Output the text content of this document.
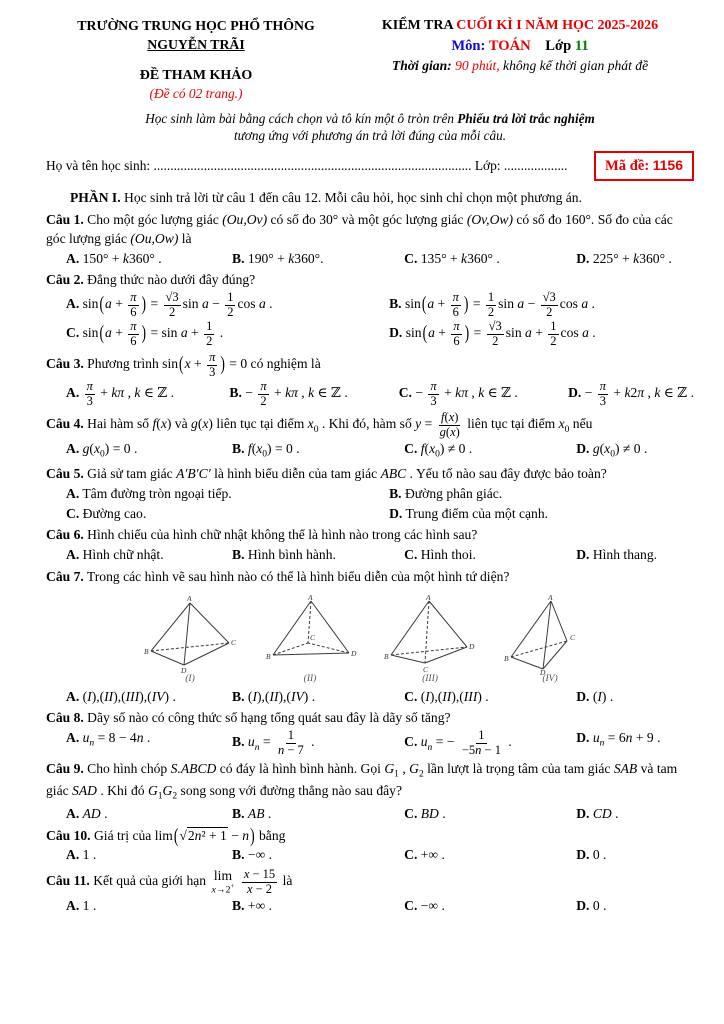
TRƯỜNG TRUNG HỌC PHỔ THÔNG
NGUYỄN TRÃI
ĐỀ THAM KHẢO
(Đề có 02 trang.)
KIỂM TRA CUỐI KÌ I NĂM HỌC 2025-2026
Môn: TOÁN Lớp 11
Thời gian: 90 phút, không kể thời gian phát đề
Học sinh làm bài bằng cách chọn và tô kín một ô tròn trên Phiếu trả lời trắc nghiệm
tương ứng với phương án trả lời đúng của mỗi câu.
Họ và tên học sinh: ............................................................................................... Lớp: ...................	Mã đề: 1156

PHẦN I. Học sinh trả lời từ câu 1 đến câu 12. Mỗi câu hỏi, học sinh chỉ chọn một phương án.

Câu 1. Cho một góc lượng giác (Ou,Ov) có số đo 30° và một góc lượng giác (Ov,Ow) có số đo 160°. Số đo của các góc lượng giác (Ou,Ow) là

A. 150° + k360° .	B. 190° + k360°.	C. 135° + k360° .	D. 225° + k360° .

Câu 2. Đẳng thức nào dưới đây đúng?

A. $\sin(a + \frac{\pi}{6}$ ) = $\frac{√3}{2}$ $\sin a - \frac{1}{2}$ cos a .	B. $\sin(a + \frac{\pi}{6}$ ) = $\frac{1}{2}$ $\sin a - \frac{√3}{2}$ cos a .
C. $\sin(a + \frac{\pi}{6}$ ) = $\sin a + \frac{1}{2}$ .	D. $\sin(a + \frac{\pi}{6}$ ) = $\frac{√3}{2}$ $\sin a + \frac{1}{2}$ cos a .

Câu 3. Phương trình $\sin(x + \frac{\pi}{3}$ ) = 0 có nghiệm là

A. $\frac{\pi}{3} + k\pi$ , k ∈ ℤ .	B. − $\frac{\pi}{2} + k\pi$ , k ∈ ℤ .	C. − $\frac{\pi}{3} + k\pi$ , k ∈ ℤ .	D. − $\frac{\pi}{3} + k2\pi$ , k ∈ ℤ .

Câu 4. Hai hàm số f(x) và g(x) liên tục tại điểm $x_0$ . Khi đó, hàm số $y = \frac{f(x)}{g(x)}$ liên tục tại điểm $x_0$ nếu

A. $g(x_0) = 0$ .	B. $f(x_0) = 0$ .	C. $f(x_0) \ne 0$ .	D. $g(x_0) \ne 0$ .

Câu 5. Giả sử tam giác A′B′C′ là hình biểu diễn của tam giác ABC . Yếu tố nào sau đây được bảo toàn?

A. Tâm đường tròn ngoại tiếp.	B. Đường phân giác.
C. Đường cao.	D. Trung điểm của một cạnh.

Câu 6. Hình chiếu của hình chữ nhật không thể là hình nào trong các hình sau?

A. Hình chữ nhật.	B. Hình bình hành.	C. Hình thoi.	D. Hình thang.

Câu 7. Trong các hình vẽ sau hình nào có thể là hình biểu diễn của một hình tứ diện?

A
B
C
D
(I)
A
B
C
D
(II)
A
B
C
D
(III)
A
B
C
D
(IV)
A. (I),(II),(III),(IV) .	B. (I),(II),(IV) .	C. (I),(II),(III) .	D. (I) .

Câu 8. Dãy số nào có công thức số hạng tổng quát sau đây là dãy số tăng?

A. $u_n = 8 - 4n$ .	B. $u_n = \frac{1}{n - 7}$ .	C. $u_n$ = − $\frac{1}{-5n - 1}$ .	D. $u_n = 6n + 9$ .

Câu 9. Cho hình chóp S.ABCD có đáy là hình bình hành. Gọi $G_1$ , $G_2$ lần lượt là trọng tâm của tam giác SAB và tam giác SAD . Khi đó $G_1G_2$ song song với đường thẳng nào sau đây?

A. AD .	B. AB .	C. BD .	D. CD .

Câu 10. Giá trị của lim(√2n² + 1 − n) bằng

A. 1 .	B. −∞ .	C. +∞ .	D. 0 .

Câu 11. Kết quả của giới hạn lim
x→2+
$\frac{x - 15}{x - 2}$ là

A. 1 .	B. +∞ .	C. −∞ .	D. 0 .
